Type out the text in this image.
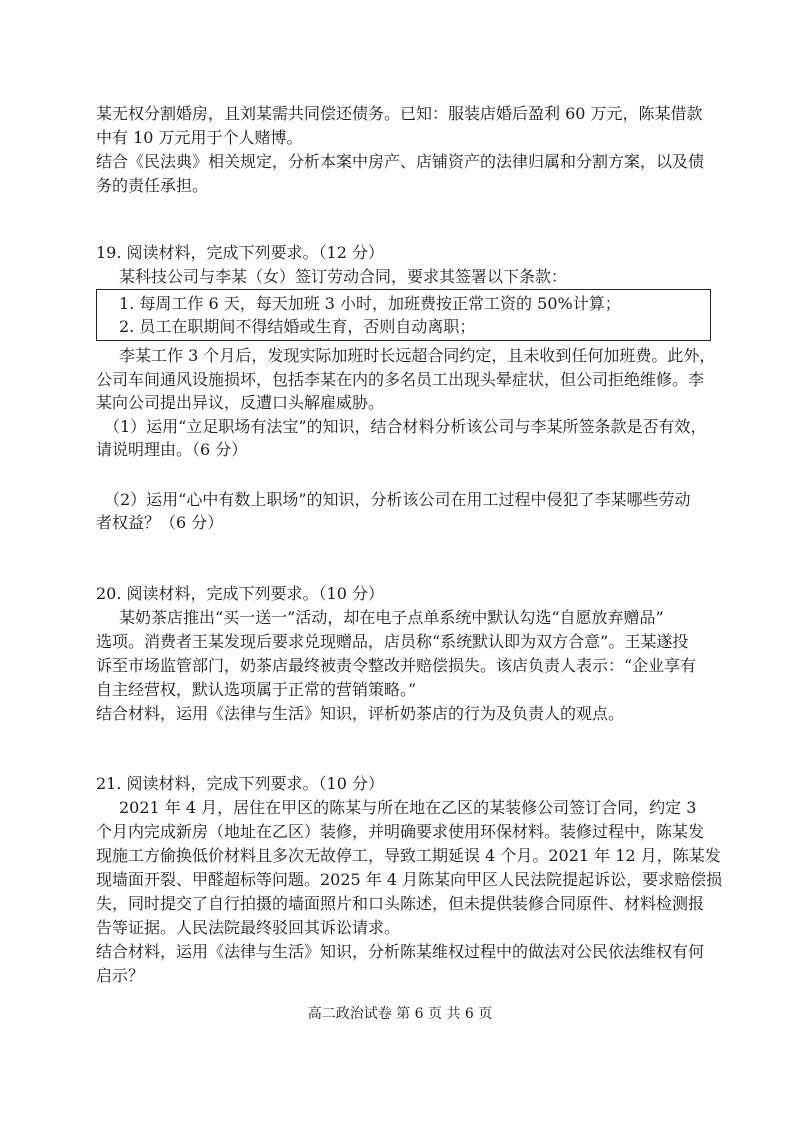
某无权分割婚房，且刘某需共同偿还债务。已知：服装店婚后盈利 60 万元，陈某借款
中有 10 万元用于个人赌博。
结合《民法典》相关规定，分析本案中房产、店铺资产的法律归属和分割方案，以及债
务的责任承担。
19. 阅读材料，完成下列要求。（12 分）
某科技公司与李某（女）签订劳动合同，要求其签署以下条款：
1. 每周工作 6 天，每天加班 3 小时，加班费按正常工资的 50%计算；
2. 员工在职期间不得结婚或生育，否则自动离职；
李某工作 3 个月后，发现实际加班时长远超合同约定，且未收到任何加班费。此外，
公司车间通风设施损坏，包括李某在内的多名员工出现头晕症状，但公司拒绝维修。李
某向公司提出异议，反遭口头解雇威胁。
（1）运用“立足职场有法宝”的知识，结合材料分析该公司与李某所签条款是否有效，
请说明理由。（6 分）
（2）运用“心中有数上职场”的知识，分析该公司在用工过程中侵犯了李某哪些劳动
者权益？（6 分）
20. 阅读材料，完成下列要求。（10 分）
某奶茶店推出“买一送一”活动，却在电子点单系统中默认勾选“自愿放弃赠品”
选项。消费者王某发现后要求兑现赠品，店员称“系统默认即为双方合意”。王某遂投
诉至市场监管部门，奶茶店最终被责令整改并赔偿损失。该店负责人表示：“企业享有
自主经营权，默认选项属于正常的营销策略。”
结合材料，运用《法律与生活》知识，评析奶茶店的行为及负责人的观点。
21. 阅读材料，完成下列要求。（10 分）
2021 年 4 月，居住在甲区的陈某与所在地在乙区的某装修公司签订合同，约定 3
个月内完成新房（地址在乙区）装修，并明确要求使用环保材料。装修过程中，陈某发
现施工方偷换低价材料且多次无故停工，导致工期延误 4 个月。2021 年 12 月，陈某发
现墙面开裂、甲醛超标等问题。2025 年 4 月陈某向甲区人民法院提起诉讼，要求赔偿损
失，同时提交了自行拍摄的墙面照片和口头陈述，但未提供装修合同原件、材料检测报
告等证据。人民法院最终驳回其诉讼请求。
结合材料，运用《法律与生活》知识，分析陈某维权过程中的做法对公民依法维权有何
启示？
高二政治试卷 第 6 页 共 6 页
